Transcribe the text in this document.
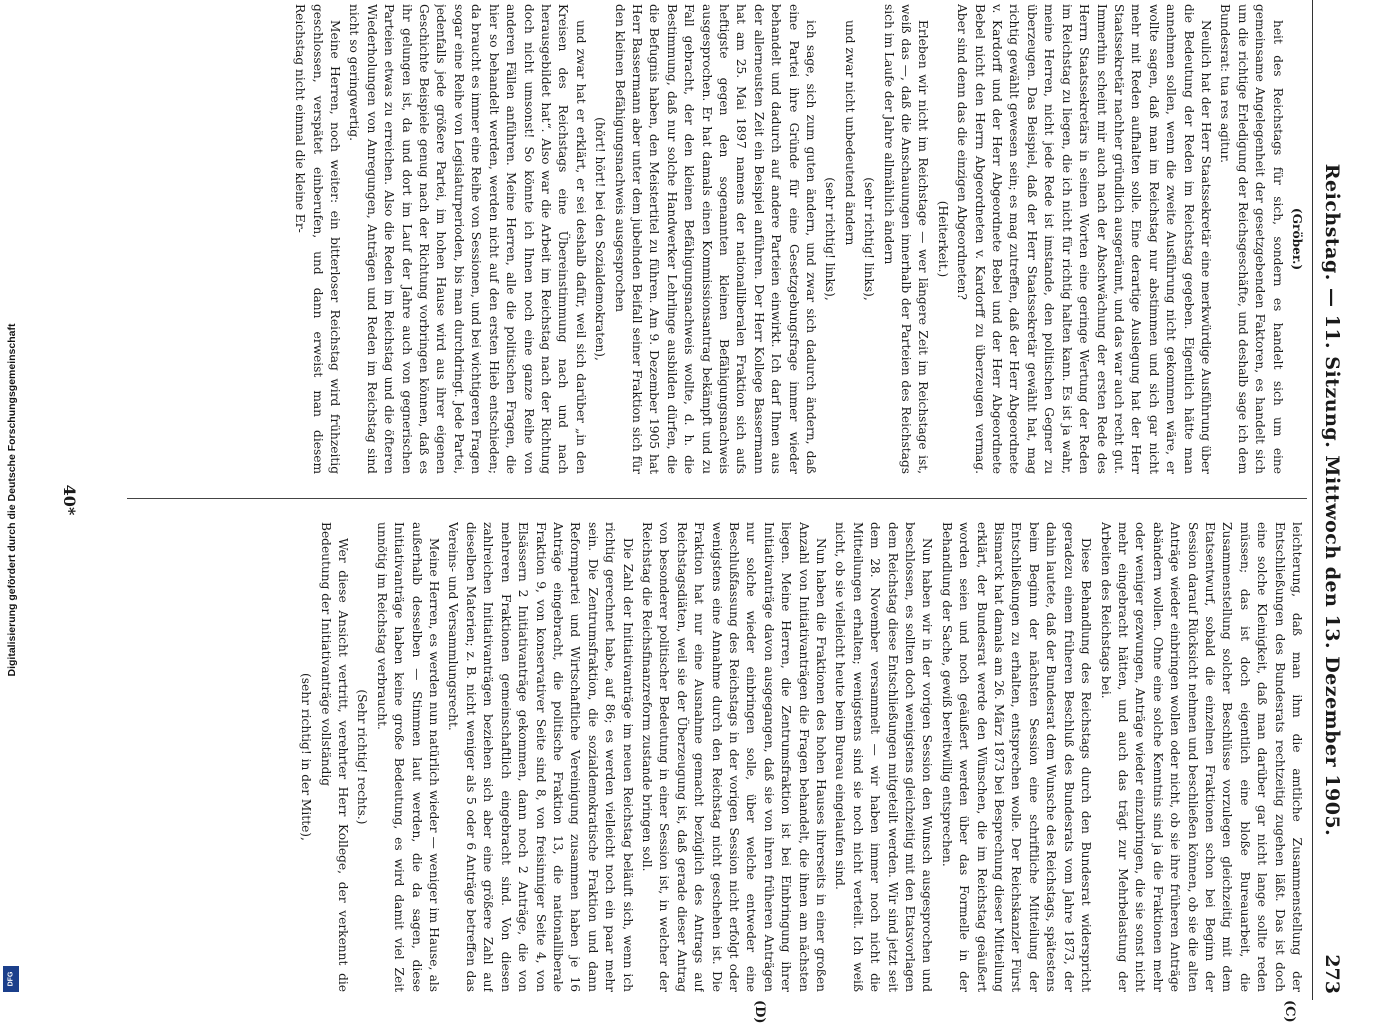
Digitalisierung gefördert durch die Deutsche Forschungsgemeinschaft
DFG
Reichstag. — 11. Sitzung. Mittwoch den 13. Dezember 1905.
273
(C)
(D)

(Gröber.)

heit des Reichstags für sich, sondern es handelt sich um eine gemeinsame Angelegenheit der gesetzgebenden Faktoren, es handelt sich um die richtige Erledigung der Reichsgeschäfte, und deshalb sage ich dem Bundesrat: tua res agitur.

Neulich hat der Herr Staatssekretär eine merkwürdige Ausführung über die Bedeutung der Reden im Reichstag gegeben. Eigentlich hätte man annehmen sollen, wenn die zweite Ausführung nicht gekommen wäre, er wollte sagen, daß man im Reichstag nur abstimmen und sich gar nicht mehr mit Reden aufhalten solle. Eine derartige Auslegung hat der Herr Staatssekretär nachher gründlich ausgeräumt, und das war auch recht gut. Immerhin scheint mir auch nach der Abschwächung der ersten Rede des Herrn Staatssekretärs in seinen Worten eine geringe Wertung der Reden im Reichstag zu liegen, die ich nicht für richtig halten kann. Es ist ja wahr, meine Herren, nicht jede Rede ist imstande, den politischen Gegner zu überzeugen. Das Beispiel, daß der Herr Staatssekretär gewählt hat, mag richtig gewählt gewesen sein; es mag zutreffen, daß der Herr Abgeordnete v. Kardorff und der Herr Abgeordnete Bebel und der Herr Abgeordnete Bebel nicht den Herrn Abgeordneten v. Kardorff zu überzeugen vermag. Aber sind denn das die einzigen Abgeordneten?

(Heiterkeit.)

Erleben wir nicht im Reichstage — wer längere Zeit im Reichstage ist, weiß das —, daß die Anschauungen innerhalb der Parteien des Reichstags sich im Laufe der Jahre allmählich ändern

(sehr richtig! links),

und zwar nicht unbedeutend ändern

(sehr richtig! links),

ich sage, sich zum guten ändern, und zwar sich dadurch ändern, daß eine Partei ihre Gründe für eine Gesetzgebungsfrage immer wieder behandelt und dadurch auf andere Parteien einwirkt. Ich darf Ihnen aus der allerneusten Zeit ein Beispiel anführen. Der Herr Kollege Bassermann hat am 25. Mai 1897 namens der nationalliberalen Fraktion sich aufs heftigste gegen den sogenannten kleinen Befähigungsnachweis ausgesprochen. Er hat damals einen Kommissionsantrag bekämpft und zu Fall gebracht, der den kleinen Befähigungsnachweis wollte, d. h. die Bestimmung, daß nur solche Handwerker Lehrlinge ausbilden dürfen, die die Befugnis haben, den Meistertitel zu führen. Am 9. Dezember 1905 hat Herr Bassermann aber unter dem jubelnden Beifall seiner Fraktion sich für den kleinen Befähigungsnachweis ausgesprochen

(hört! hört! bei den Sozialdemokraten),

und zwar hat er erklärt, er sei deshalb dafür, weil sich darüber „in den Kreisen des Reichstags eine Übereinstimmung nach und nach herausgebildet hat“. Also war die Arbeit im Reichstag nach der Richtung doch nicht umsonst! So könnte ich Ihnen noch eine ganze Reihe von anderen Fällen anführen. Meine Herren, alle die politischen Fragen, die hier so behandelt werden, werden nicht auf den ersten Hieb entschieden; da braucht es immer eine Reihe von Sessionen, und bei wichtigeren Fragen sogar eine Reihe von Legislaturperioden, bis man durchdringt. Jede Partei, jedenfalls jede größere Partei, im hohen Hause wird aus ihrer eigenen Geschichte Beispiele genug nach der Richtung vorbringen können, daß es ihr gelungen ist, da und dort im Lauf der Jahre auch von gegnerischen Parteien etwas zu erreichen. Also die Reden im Reichstag und die öfteren Wiederholungen von Anregungen, Anträgen und Reden im Reichstag sind nicht so geringwertig.

Meine Herren, noch weiter: ein bitterloser Reichstag wird frühzeitig geschlossen, verspätet einberufen, und dann erweist man diesem Reichstag nicht einmal die kleine Er-

leichterung, daß man ihm die amtliche Zusammenstellung der Entschließungen des Bundesrats rechtzeitig zugehen läßt. Das ist doch eine solche Kleinigkeit, daß man darüber gar nicht lange sollte reden müssen; das ist doch eigentlich eine bloße Bureauarbeit, die Zusammenstellung solcher Beschlüsse vorzulegen gleichzeitig mit dem Etatsentwurf, sobald die einzelnen Fraktionen schon bei Beginn der Session darauf Rücksicht nehmen und beschließen können, ob sie die alten Anträge wieder einbringen wollen oder nicht, ob sie ihre früheren Anträge abändern wollen. Ohne eine solche Kenntnis sind ja die Fraktionen mehr oder weniger gezwungen, Anträge wieder einzubringen, die sie sonst nicht mehr eingebracht hätten, und auch das trägt zur Mehrbelastung der Arbeiten des Reichstags bei.

Diese Behandlung des Reichstags durch den Bundesrat widerspricht geradezu einem früheren Beschluß des Bundesrats vom Jahre 1873, der dahin lautete, daß der Bundesrat dem Wunsche des Reichstags, spätestens beim Beginn der nächsten Session eine schriftliche Mitteilung der Entschließungen zu erhalten, entsprechen wolle. Der Reichskanzler Fürst Bismarck hat damals am 26. März 1873 bei Besprechung dieser Mitteilung erklärt, der Bundesrat werde den Wünschen, die im Reichstag geäußert worden seien und noch geäußert werden über das Formelle in der Behandlung der Sache, gewiß bereitwillig entsprechen.

Nun haben wir in der vorigen Session den Wunsch ausgesprochen und beschlossen, es sollten doch wenigstens gleichzeitig mit den Etatsvorlagen dem Reichstag diese Entschließungen mitgeteilt werden. Wir sind jetzt seit dem 28. November versammelt — wir haben immer noch nicht die Mitteilungen erhalten; wenigstens sind sie noch nicht verteilt. Ich weiß nicht, ob sie vielleicht heute beim Bureau eingelaufen sind.

Nun haben die Fraktionen des hohen Hauses ihrerseits in einer großen Anzahl von Initiativanträgen die Fragen behandelt, die ihnen am nächsten liegen. Meine Herren, die Zentrumsfraktion ist bei Einbringung ihrer Initiativanträge davon ausgegangen, daß sie von ihren früheren Anträgen nur solche wieder einbringen solle, über welche entweder eine Beschlußfassung des Reichstags in der vorigen Session nicht erfolgt oder wenigstens eine Annahme durch den Reichstag nicht geschehen ist. Die Fraktion hat nur eine Ausnahme gemacht bezüglich des Antrags auf Reichstagsdiäten, weil sie der Überzeugung ist, daß gerade dieser Antrag von besonderer politischer Bedeutung in einer Session ist, in welcher der Reichstag die Reichsfinanzreform zustande bringen soll.

Die Zahl der Initiativanträge im neuen Reichstag beläuft sich, wenn ich richtig gerechnet habe, auf 86; es werden vielleicht noch ein paar mehr sein. Die Zentrumsfraktion, die sozialdemokratische Fraktion und dann Reformpartei und Wirtschaftliche Vereinigung zusammen haben je 16 Anträge eingebracht, die politische Fraktion 13, die nationalliberale Fraktion 9, von konservativer Seite sind 8, von freisinniger Seite 4, von Elsässern 2 Initiativanträge gekommen, dann noch 2 Anträge, die von mehreren Fraktionen gemeinschaftlich eingebracht sind. Von diesen zahlreichen Initiativanträgen beziehen sich aber eine größere Zahl auf dieselben Materien; z. B. nicht weniger als 5 oder 6 Anträge betreffen das Vereins- und Versammlungsrecht.

Meine Herren, es werden nun natürlich wieder — weniger im Hause, als außerhalb desselben — Stimmen laut werden, die da sagen, diese Initiativanträge haben keine große Bedeutung, es wird damit viel Zeit unnötig im Reichstag verbraucht.

(Sehr richtig! rechts.)

Wer diese Ansicht vertritt, verehrter Herr Kollege, der verkennt die Bedeutung der Initiativanträge vollständig

(sehr richtig! in der Mitte),

40*
